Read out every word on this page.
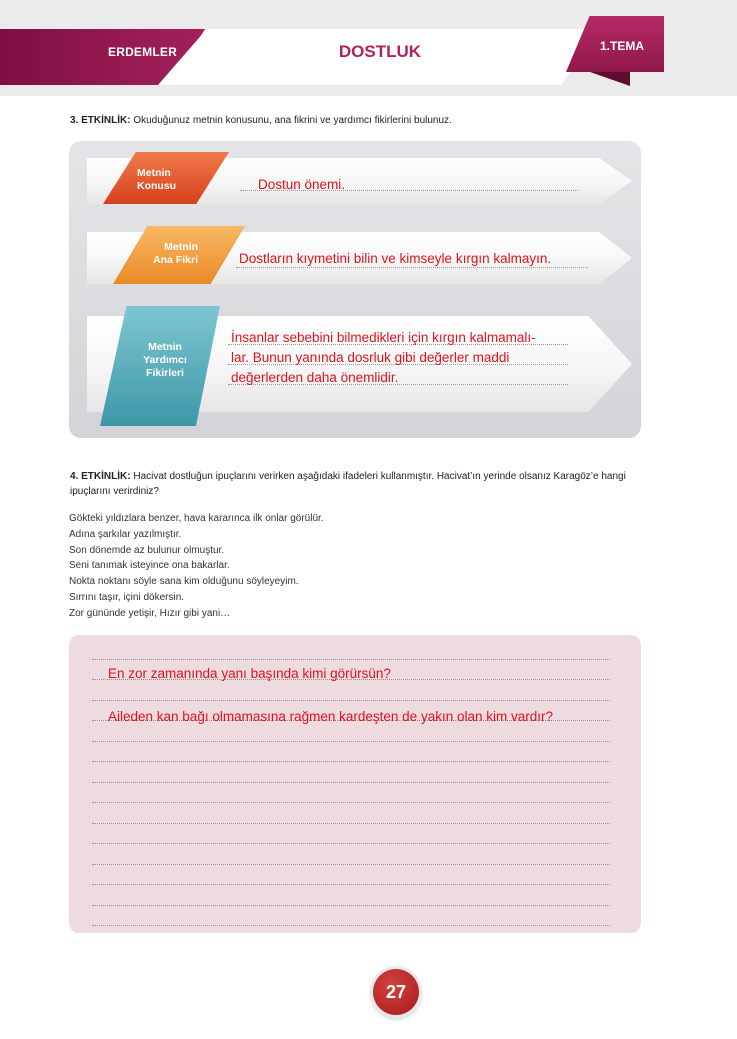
ERDEMLER	DOSTLUK	1.TEMA
3. ETKİNLİK: Okuduğunuz metnin konusunu, ana fikrini ve yardımcı fikirlerini bulunuz.
Metnin
Konusu	Dostun önemi.
Metnin
Ana Fikri	Dostların kıymetini bilin ve kimseyle kırgın kalmayın.
Metnin
Yardımcı
Fikirleri
İnsanlar sebebini bilmedikleri için kırgın kalmamalı-
lar. Bunun yanında dosrluk gibi değerler maddi
değerlerden daha önemlidir.
4. ETKİNLİK: Hacivat dostluğun ipuçlarını verirken aşağıdaki ifadeleri kullanmıştır. Hacivat’ın yerinde olsanız Karagöz’e hangi ipuçlarını verirdiniz?
Gökteki yıldızlara benzer, hava kararınca ilk onlar görülür.
Adına şarkılar yazılmıştır.
Son dönemde az bulunur olmuştur.
Seni tanımak isteyince ona bakarlar.
Nokta noktanı söyle sana kim olduğunu söyleyeyim.
Sırrını taşır, içini dökersin.
Zor gününde yetişir, Hızır gibi yani…
En zor zamanında yanı başında kimi görürsün?
Aileden kan bağı olmamasına rağmen kardeşten de yakın olan kim vardır?
27
